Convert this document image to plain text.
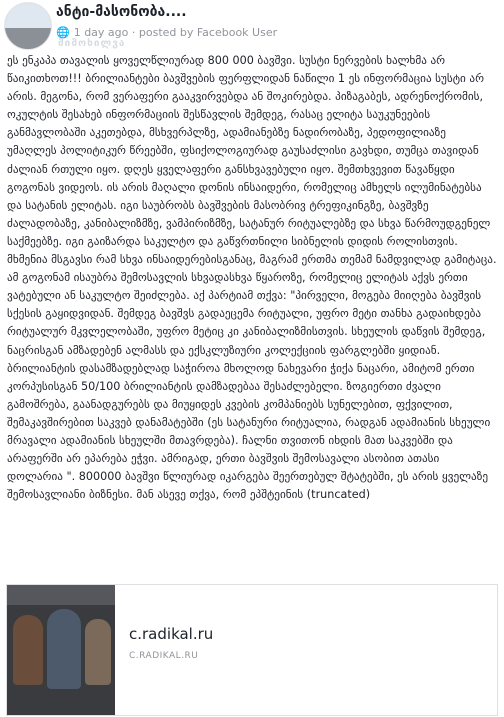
ანტი-მასონობა....
🌐 1 day ago · posted by Facebook User
მიმოხილვა
ეს ენკაპა თავალის ყოველწლიურად 800 000 ბავშვი. სუსტი ნერვების ხალხმა არ წაიკითხოთ!!! ბრილიანტები ბავშვების ფერფლიდან ნაწილი 1 ეს ინფორმაცია სუსტი არ არის. მეგონა, რომ ვერაფერი გააკვირვებდა ან შოკირებდა. პიზაგაბეს, ადრენოქრომის, ოკულტის შესახებ ინფორმაციის შესწავლის შემდეგ, რასაც ელიტა საუკუნეების განმავლობაში აკეთებდა, მსხვერპლზე, ადამიანებზე ნადირობაზე, პედოფილიაზე უმაღლეს პოლიტიკურ წრეებში, ფსიქოლოგიურად გაუსაძლისი გავხდი, თუმცა თავიდან ძალიან რთული იყო. დღეს ყველაფერი განსხვავებული იყო. შემთხვევით წავაწყდი გოგონას ვიდეოს. ის არის მაღალი დონის ინსაიდერი, რომელიც ამხელს ილუმინატებსა და სატანის ელიტას. იგი საუბრობს ბავშვების მასობრივ ტრეფიკინგზე, ბავშვზე ძალადობაზე, კანიბალიზმზე, ვამპირიზმზე, სატანურ რიტუალებზე და სხვა წარმოუდგენელ საქმეებზე. იგი გაიზარდა საკულტო და გაწვრთნილი სიბნელის დიდის როლისთვის. მხმენია მსგავსი რამ სხვა ინსაიდერებისგანაც, მაგრამ ერთმა თემამ ნამდვილად გამიტაცა. ამ გოგონამ ისაუბრა შემოსავლის სხვადასხვა წყაროზე, რომელიც ელიტას აქვს ერთი ვატებული ან საკულტო შეიძლება. აქ პარტიამ თქვა: "პირველი, მოგება მიიღება ბავშვის სქესის გაყიდვიდან. შემდეგ ბავშვს გადაეცემა რიტუალი, უფრო მეტი თანხა გადაიხდება რიტუალურ მკვლელობაში, უფრო მეტიც კი კანიბალიზმისთვის. სხეულის დაწვის შემდეგ, ნაცრისგან ამზადებენ ალმასს და ექსკლუზიური კოლექციის ფარგლებში ყიდიან. ბრილიანტის დასამზადებლად საჭიროა მხოლოდ ნახევარი ჭიქა ნაცარი, ამიტომ ერთი კორპუსისგან 50/100 ბრილიანტის დამზადებაა შესაძლებელი. ზოგიერთი ძვალი გამოშრება, გაანადგურებს და მიუყიდეს კვების კომპანიებს სუნელებით, ფქვილით, შემაკავშირებით საკვებ დანამატებში (ეს სატანური რიტუალია, რადგან ადამიანის სხეული მრავალი ადამიანის სხეულში მთავრდება). ჩალნი თვითონ იხდის მათ საკვებში და არაფერში არ ეპარება ეჭვი. ამრიგად, ერთი ბავშვის შემოსავალი ასობით ათასი დოლარია ". 800000 ბავშვი წლიურად იკარგება შეერთებულ შტატებში, ეს არის ყველაზე შემოსავლიანი ბიზნესი. მან ასევე თქვა, რომ ეპშტეინის (truncated)
c.radikal.ru
C.RADIKAL.RU
